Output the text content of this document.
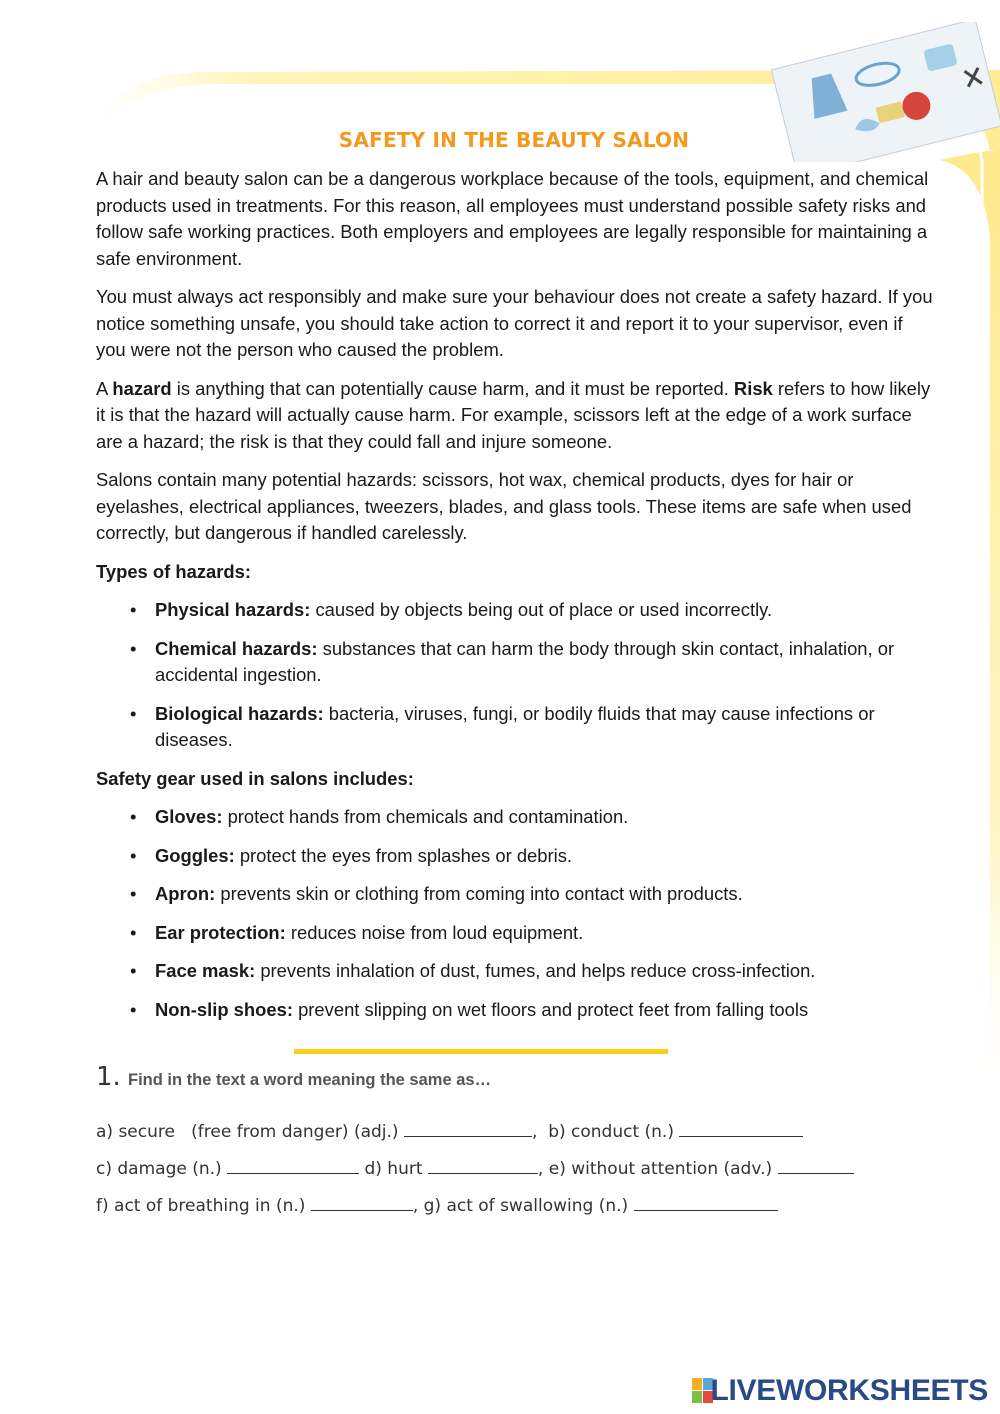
SAFETY IN THE BEAUTY SALON

A hair and beauty salon can be a dangerous workplace because of the tools, equipment, and chemical products used in treatments. For this reason, all employees must understand possible safety risks and follow safe working practices. Both employers and employees are legally responsible for maintaining a safe environment.

You must always act responsibly and make sure your behaviour does not create a safety hazard. If you notice something unsafe, you should take action to correct it and report it to your supervisor, even if you were not the person who caused the problem.

A hazard is anything that can potentially cause harm, and it must be reported. Risk refers to how likely it is that the hazard will actually cause harm. For example, scissors left at the edge of a work surface are a hazard; the risk is that they could fall and injure someone.

Salons contain many potential hazards: scissors, hot wax, chemical products, dyes for hair or eyelashes, electrical appliances, tweezers, blades, and glass tools. These items are safe when used correctly, but dangerous if handled carelessly.

Types of hazards:
• Physical hazards: caused by objects being out of place or used incorrectly.
• Chemical hazards: substances that can harm the body through skin contact, inhalation, or accidental ingestion.
• Biological hazards: bacteria, viruses, fungi, or bodily fluids that may cause infections or diseases.
Safety gear used in salons includes:
• Gloves: protect hands from chemicals and contamination.
• Goggles: protect the eyes from splashes or debris.
• Apron: prevents skin or clothing from coming into contact with products.
• Ear protection: reduces noise from loud equipment.
• Face mask: prevents inhalation of dust, fumes, and helps reduce cross-infection.
• Non-slip shoes: prevent slipping on wet floors and protect feet from falling tools
1. Find in the text a word meaning the same as…
a) secure   (free from danger) (adj.)	,  b) conduct (n.)
c) damage (n.)	d) hurt	, e) without attention (adv.)
f) act of breathing in (n.)	, g) act of swallowing (n.)
LIVEWORKSHEETS
